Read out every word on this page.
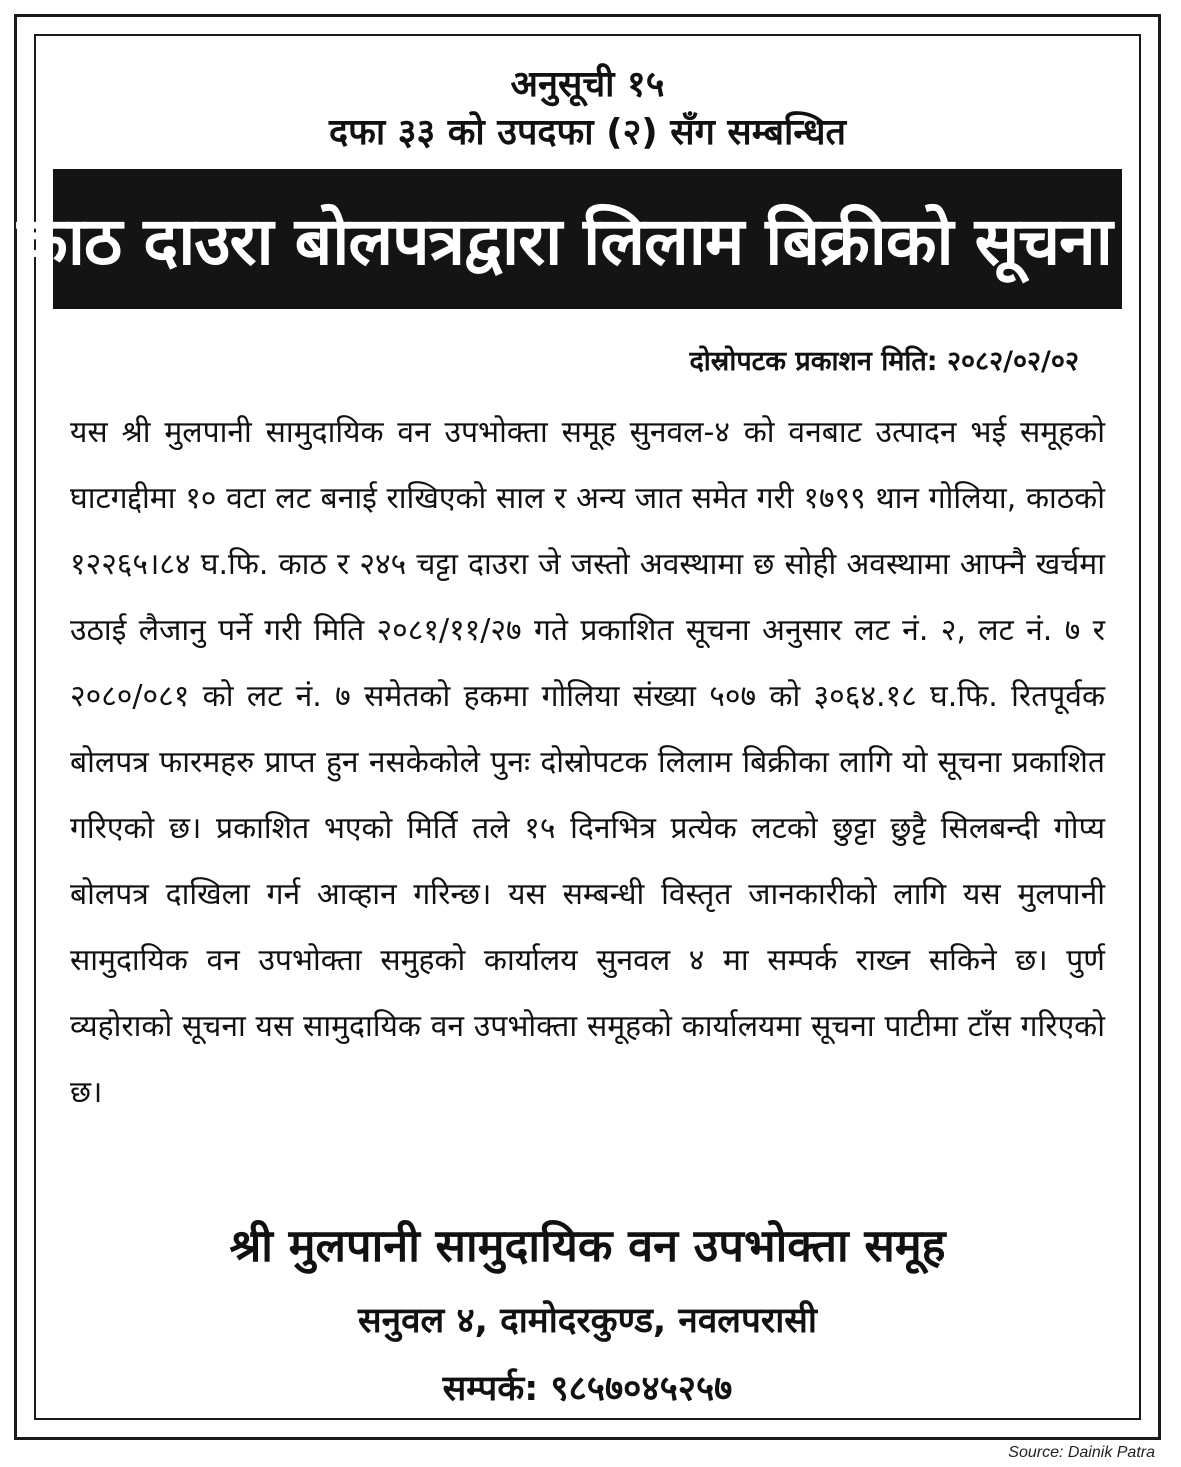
अनुसूची १५
दफा ३३ को उपदफा (२) सँग सम्बन्धित
काठ दाउरा बोलपत्रद्वारा लिलाम बिक्रीको सूचना ।
दोस्रोपटक प्रकाशन मिति: २०८२/०२/०२
यस श्री मुलपानी सामुदायिक वन उपभोक्ता समूह सुनवल-४ को वनबाट उत्पादन भई समूहको घाटगद्दीमा १० वटा लट बनाई राखिएको साल र अन्य जात समेत गरी १७९९ थान गोलिया, काठको १२२६५।८४ घ.फि. काठ र २४५ चट्टा दाउरा जे जस्तो अवस्थामा छ सोही अवस्थामा आफ्नै खर्चमा उठाई लैजानु पर्ने गरी मिति २०८१/११/२७ गते प्रकाशित सूचना अनुसार लट नं. २, लट नं. ७ र २०८०/०८१ को लट नं. ७ समेतको हकमा गोलिया संख्या ५०७ को ३०६४.१८ घ.फि. रितपूर्वक बोलपत्र फारमहरु प्राप्त हुन नसकेकोले पुनः दोस्रोपटक लिलाम बिक्रीका लागि यो सूचना प्रकाशित गरिएको छ। प्रकाशित भएको मिर्ति तले १५ दिनभित्र प्रत्येक लटको छुट्टा छुट्टै सिलबन्दी गोप्य बोलपत्र दाखिला गर्न आव्हान गरिन्छ। यस सम्बन्धी विस्तृत जानकारीको लागि यस मुलपानी सामुदायिक वन उपभोक्ता समुहको कार्यालय सुनवल ४ मा सम्पर्क राख्न सकिने छ। पुर्ण व्यहोराको सूचना यस सामुदायिक वन उपभोक्ता समूहको कार्यालयमा सूचना पाटीमा टाँस गरिएको छ।
श्री मुलपानी सामुदायिक वन उपभोक्ता समूह
सनुवल ४, दामोदरकुण्ड, नवलपरासी
सम्पर्क: ९८५७०४५२५७
Source: Dainik Patra
